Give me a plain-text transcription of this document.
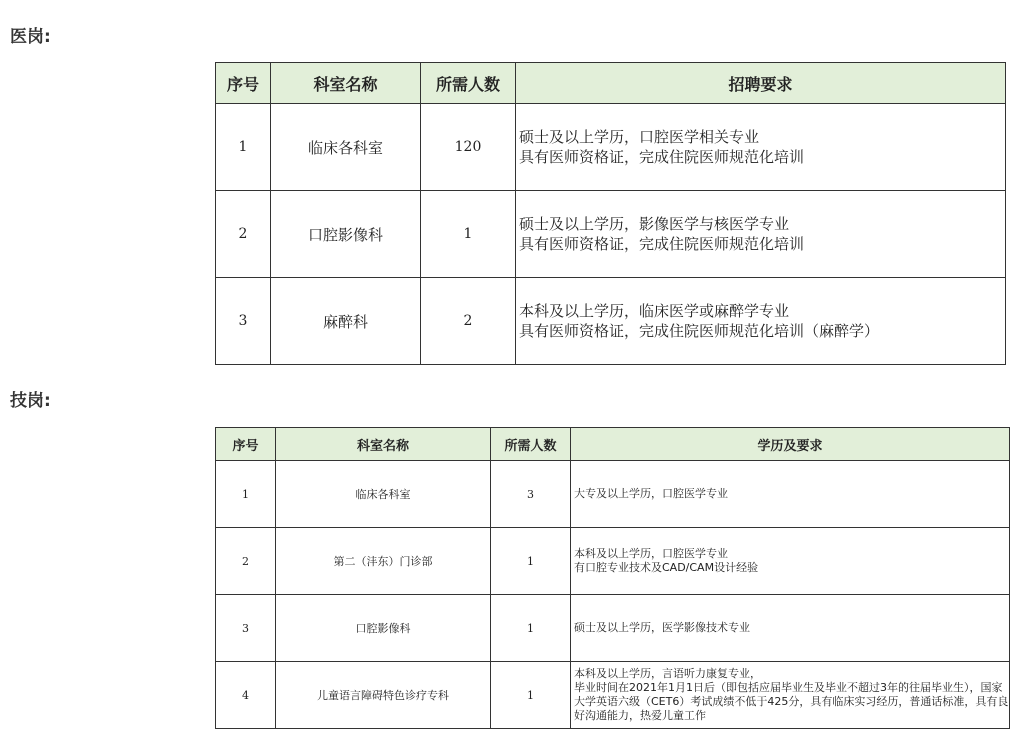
医岗:
序号	科室名称	所需人数	招聘要求
1	临床各科室	120	硕士及以上学历，口腔医学相关专业
具有医师资格证，完成住院医师规范化培训

2	口腔影像科	1	硕士及以上学历，影像医学与核医学专业
具有医师资格证，完成住院医师规范化培训

3	麻醉科	2	本科及以上学历，临床医学或麻醉学专业
具有医师资格证，完成住院医师规范化培训（麻醉学）
技岗:
序号	科室名称	所需人数	学历及要求
1	临床各科室	3	大专及以上学历，口腔医学专业

2	第二（沣东）门诊部	1	本科及以上学历，口腔医学专业
有口腔专业技术及CAD/CAM设计经验

3	口腔影像科	1	硕士及以上学历，医学影像技术专业

4	儿童语言障碍特色诊疗专科	1	本科及以上学历，言语听力康复专业，
毕业时间在2021年1月1日后（即包括应届毕业生及毕业不超过3年的往届毕业生），国家大学英语六级（CET6）考试成绩不低于425分，具有临床实习经历，普通话标准，具有良好沟通能力，热爱儿童工作
